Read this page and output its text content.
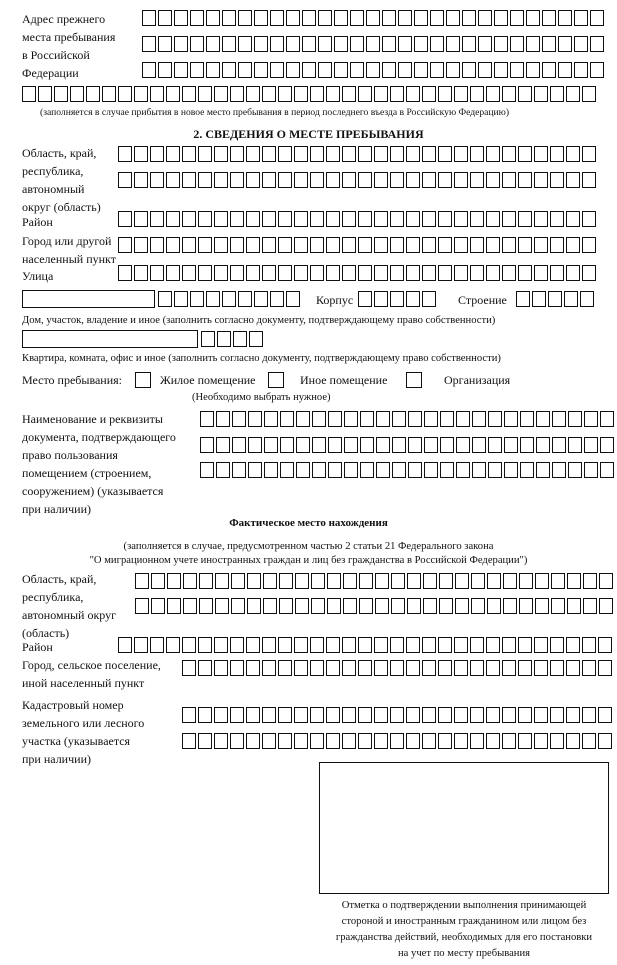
Адрес прежнего
места пребывания
в Российской
Федерации
(заполняется в случае прибытия в новое место пребывания в период последнего въезда в Российскую Федерацию)
2. СВЕДЕНИЯ О МЕСТЕ ПРЕБЫВАНИЯ
Область, край,
республика,
автономный
округ (область)
Район
Город или другой
населенный пункт
Улица
Корпус	Строение
Дом, участок, владение и иное (заполнить согласно документу, подтверждающему право собственности)
Квартира, комната, офис и иное (заполнить согласно документу, подтверждающему право собственности)
Место пребывания:	Жилое помещение	Иное помещение	Организация
(Необходимо выбрать нужное)
Наименование и реквизиты
документа, подтверждающего
право пользования
помещением (строением,
сооружением) (указывается
при наличии)
Фактическое место нахождения
(заполняется в случае, предусмотренном частью 2 статьи 21 Федерального закона
"О миграционном учете иностранных граждан и лиц без гражданства в Российской Федерации")
Область, край,
республика,
автономный округ
(область)
Район
Город, сельское поселение,
иной населенный пункт
Кадастровый номер
земельного или лесного
участка (указывается
при наличии)
Отметка о подтверждении выполнения принимающей
стороной и иностранным гражданином или лицом без
гражданства действий, необходимых для его постановки
на учет по месту пребывания
